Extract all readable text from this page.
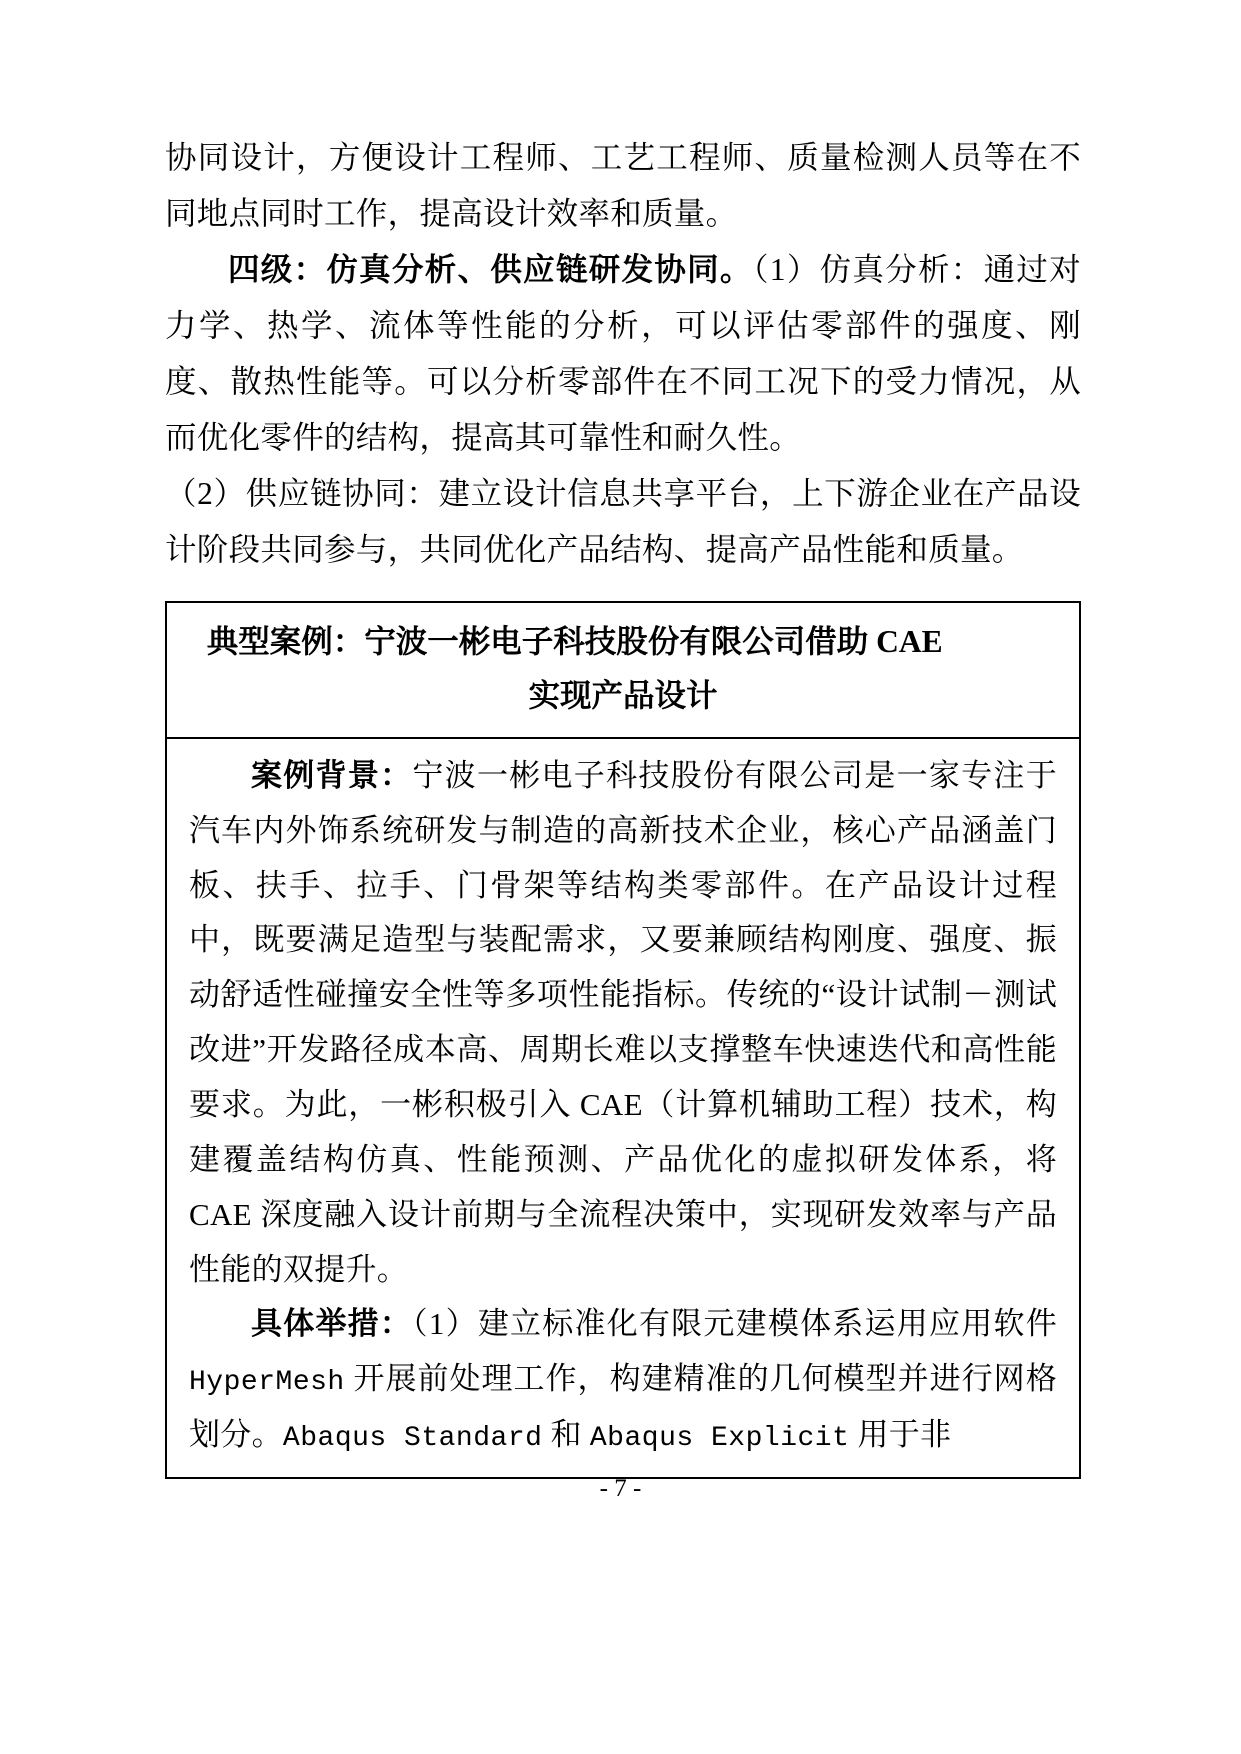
协同设计，方便设计工程师、工艺工程师、质量检测人员等在不同地点同时工作，提高设计效率和质量。

四级：仿真分析、供应链研发协同。（1）仿真分析：通过对力学、热学、流体等性能的分析，可以评估零部件的强度、刚度、散热性能等。可以分析零部件在不同工况下的受力情况，从而优化零件的结构，提高其可靠性和耐久性。

（2）供应链协同：建立设计信息共享平台，上下游企业在产品设计阶段共同参与，共同优化产品结构、提高产品性能和质量。

典型案例：宁波一彬电子科技股份有限公司借助 CAE
实现产品设计

案例背景：宁波一彬电子科技股份有限公司是一家专注于汽车内外饰系统研发与制造的高新技术企业，核心产品涵盖门板、扶手、拉手、门骨架等结构类零部件。在产品设计过程中，既要满足造型与装配需求，又要兼顾结构刚度、强度、振动舒适性碰撞安全性等多项性能指标。传统的“设计试制－测试改进”开发路径成本高、周期长难以支撑整车快速迭代和高性能要求。为此，一彬积极引入 CAE（计算机辅助工程）技术，构建覆盖结构仿真、性能预测、产品优化的虚拟研发体系，将 CAE 深度融入设计前期与全流程决策中，实现研发效率与产品性能的双提升。

具体举措：（1）建立标准化有限元建模体系运用应用软件 HyperMesh 开展前处理工作，构建精准的几何模型并进行网格划分。Abaqus Standard 和 Abaqus Explicit 用于非

- 7 -
